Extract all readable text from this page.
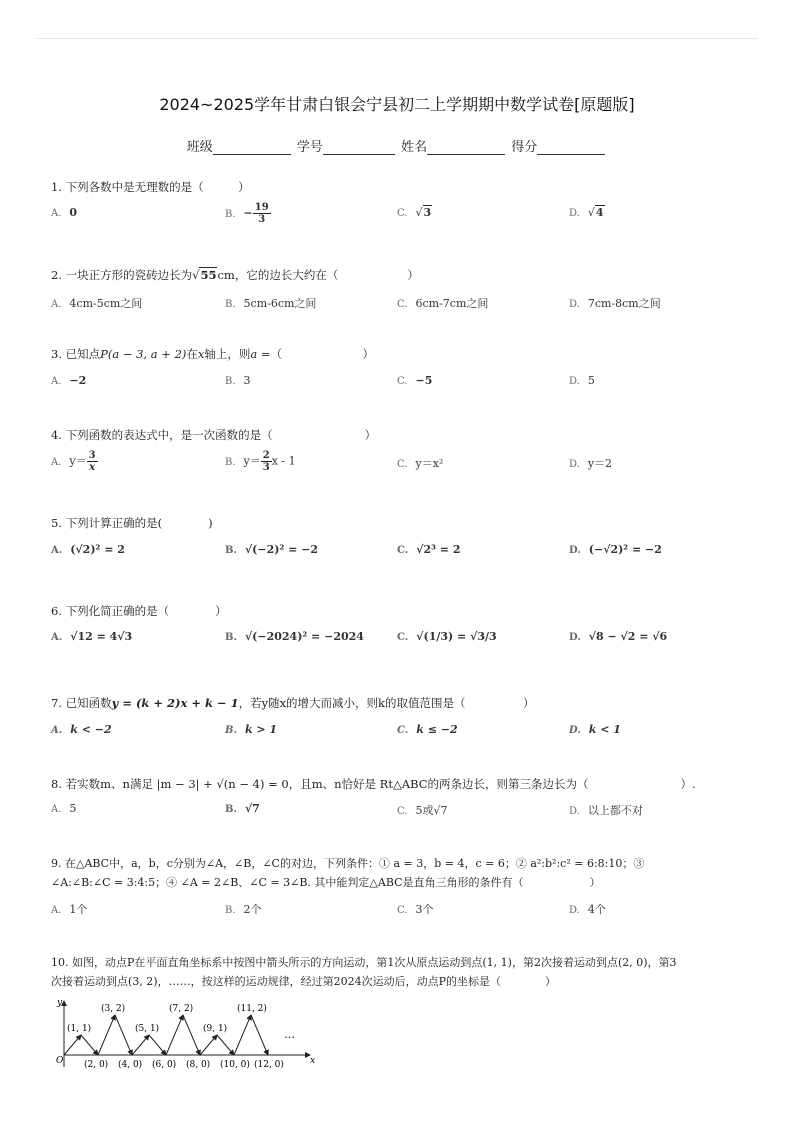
2024~2025学年甘肃白银会宁县初二上学期期中数学试卷[原题版]
班级	学号	姓名	得分
1. 下列各数中是无理数的是（　　　）
A. 0	B. − $\frac{19}{3}$	C. √3	D. √4
2. 一块正方形的瓷砖边长为√55cm，它的边长大约在（　　　　　　）
A. 4cm-5cm之间	B. 5cm-6cm之间	C. 6cm-7cm之间	D. 7cm-8cm之间
3. 已知点P(a − 3, a + 2)在x轴上，则a =（　　　　　　　）
A. −2	B. 3	C. −5	D. 5
4. 下列函数的表达式中，是一次函数的是（　　　　　　　　）
A. $y= \frac{3}{x}$	B. $y= \frac{2}{3}$ x - 1	C. y＝x²	D. y＝2
5. 下列计算正确的是(　　　　)
A. (√2)² = 2	B. √(−2)² = −2	C. √2³ = 2	D. (−√2)² = −2
6. 下列化简正确的是（　　　　）
A. √12 = 4√3	B. √(−2024)² = −2024	C. √(1/3) = √3/3	D. √8 − √2 = √6
7. 已知函数y = (k + 2)x + k − 1，若y随x的增大而减小，则k的取值范围是（　　　　　）
A. k < −2	B. k > 1	C. k ≤ −2	D. k < 1
8. 若实数m、n满足 |m − 3| + √(n − 4) = 0，且m、n恰好是 Rt△ABC的两条边长，则第三条边长为（　　　　　　　　）.
A. 5	B. √7	C. 5或√7	D. 以上都不对
9. 在△ABC中，a，b，c分别为∠A，∠B，∠C的对边，下列条件：① a = 3，b = 4，c = 6；② a²:b²:c² = 6:8:10；③
∠A:∠B:∠C = 3:4:5；④ ∠A = 2∠B、∠C = 3∠B. 其中能判定△ABC是直角三角形的条件有（　　　　　　）
A. 1个	B. 2个	C. 3个	D. 4个
10. 如图，动点P在平面直角坐标系中按图中箭头所示的方向运动，第1次从原点运动到点(1, 1)，第2次接着运动到点(2, 0)，第3
次接着运动到点(3, 2)，……，按这样的运动规律，经过第2024次运动后，动点P的坐标是（　　　　）
x
y
O
(1, 1)
(3, 2)
(5, 1)
(7, 2)
(9, 1)
(11, 2)
(2, 0) (4, 0) (6, 0) (8, 0) (10, 0) (12, 0)
…
